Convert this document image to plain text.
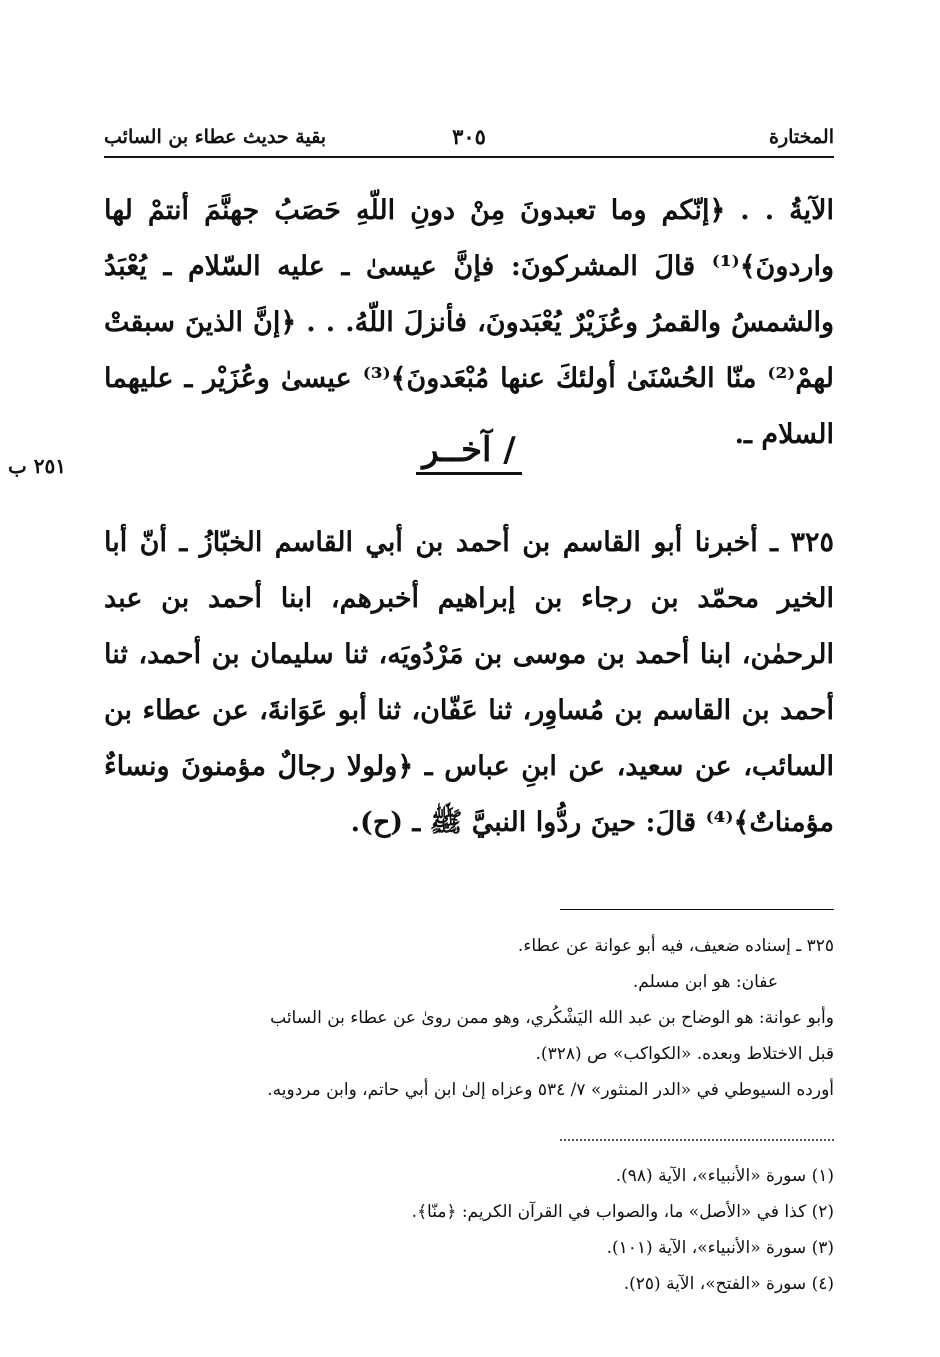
المختارة
٣٠٥
بقية حديث عطاء بن السائب
الآيةُ . . ﴿إنّكم وما تعبدونَ مِنْ دونِ اللّهِ حَصَبُ جهنَّمَ أنتمْ لها واردونَ﴾⁽¹⁾ قالَ المشركونَ: فإنَّ عيسىٰ ـ عليه السّلام ـ يُعْبَدُ والشمسُ والقمرُ وعُزَيْرٌ يُعْبَدونَ، فأنزلَ اللّهُ. . . ﴿إنَّ الذينَ سبقتْ لهمْ⁽²⁾ منّا الحُسْنَىٰ أولئكَ عنها مُبْعَدونَ﴾⁽³⁾ عيسىٰ وعُزَيْر ـ عليهما السلام ـ.
٢٥١ ب	/ آخــر
٣٢٥ ـ أخبرنا أبو القاسم بن أحمد بن أبي القاسم الخبّازُ ـ أنّ أبا الخير محمّد بن رجاء بن إبراهيم أخبرهم، ابنا أحمد بن عبد الرحمٰن، ابنا أحمد بن موسى بن مَرْدُويَه، ثنا سليمان بن أحمد، ثنا أحمد بن القاسم بن مُساوِر، ثنا عَفّان، ثنا أبو عَوَانةَ، عن عطاء بن السائب، عن سعيد، عن ابنِ عباس ـ ﴿ولولا رجالٌ مؤمنونَ ونساءٌ مؤمناتٌ﴾⁽⁴⁾ قالَ: حينَ ردُّوا النبيَّ ﷺ ـ (ح).

٣٢٥ ـ إسناده ضعيف، فيه أبو عوانة عن عطاء.

عفان: هو ابن مسلم.

وأبو عوانة: هو الوضاح بن عبد الله اليَشْكُري، وهو ممن روىٰ عن عطاء بن السائب

قبل الاختلاط وبعده. «الكواكب» ص (٣٢٨).

أورده السيوطي في «الدر المنثور» ٧/ ٥٣٤ وعزاه إلىٰ ابن أبي حاتم، وابن مردويه.

(١) سورة «الأنبياء»، الآية (٩٨).

(٢) كذا في «الأصل» ما، والصواب في القرآن الكريم: ﴿منّا﴾.

(٣) سورة «الأنبياء»، الآية (١٠١).

(٤) سورة «الفتح»، الآية (٢٥).
